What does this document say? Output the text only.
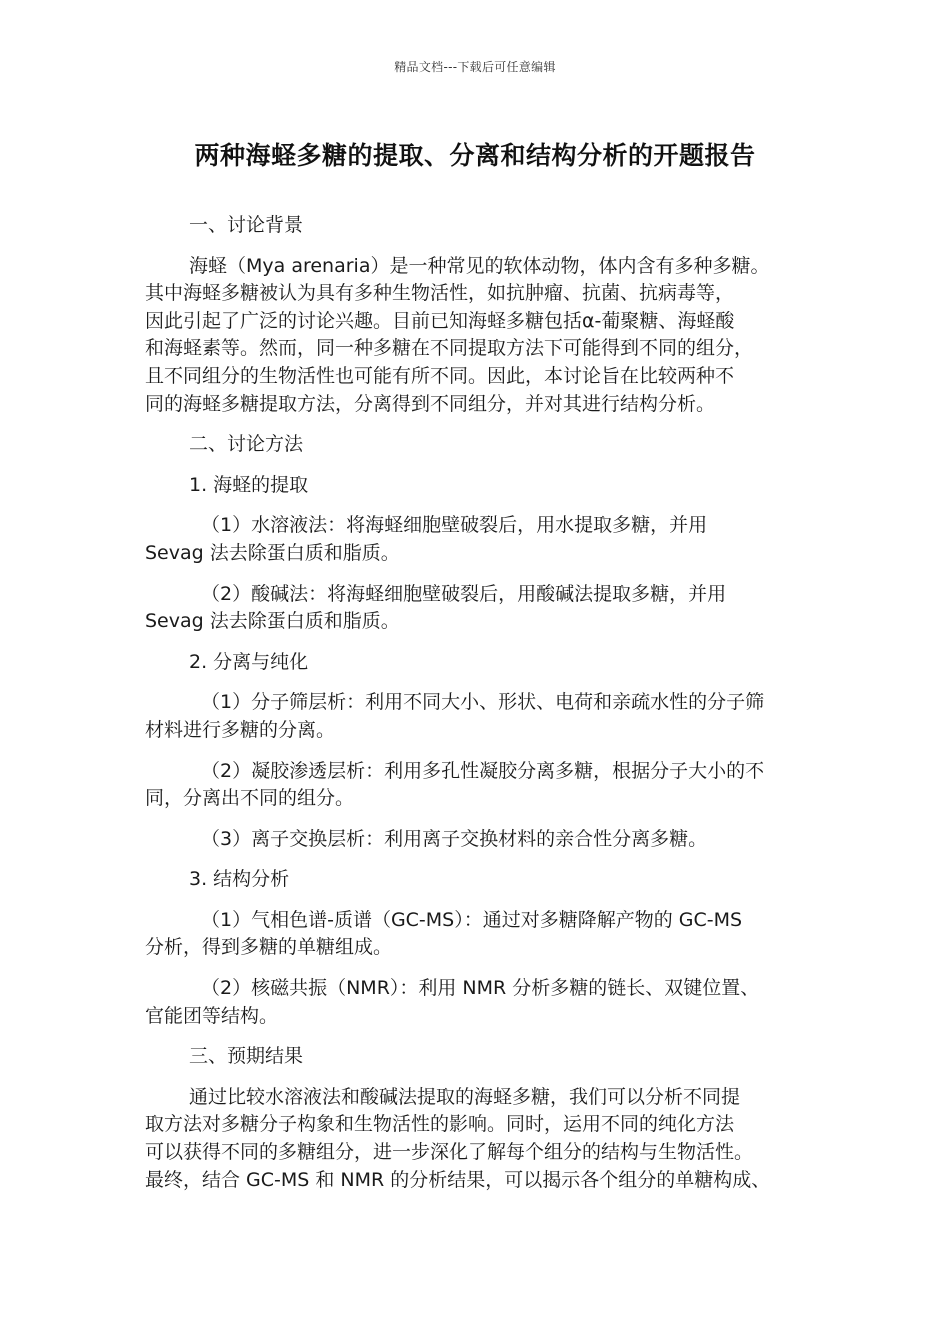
精品文档---下载后可任意编辑
两种海蛏多糖的提取、分离和结构分析的开题报告
一、讨论背景
海蛏（Mya arenaria）是一种常见的软体动物，体内含有多种多糖。
其中海蛏多糖被认为具有多种生物活性，如抗肿瘤、抗菌、抗病毒等，
因此引起了广泛的讨论兴趣。目前已知海蛏多糖包括α-葡聚糖、海蛏酸
和海蛏素等。然而，同一种多糖在不同提取方法下可能得到不同的组分，
且不同组分的生物活性也可能有所不同。因此，本讨论旨在比较两种不
同的海蛏多糖提取方法，分离得到不同组分，并对其进行结构分析。
二、讨论方法
1. 海蛏的提取
（1）水溶液法：将海蛏细胞壁破裂后，用水提取多糖，并用
Sevag 法去除蛋白质和脂质。
（2）酸碱法：将海蛏细胞壁破裂后，用酸碱法提取多糖，并用
Sevag 法去除蛋白质和脂质。
2. 分离与纯化
（1）分子筛层析：利用不同大小、形状、电荷和亲疏水性的分子筛
材料进行多糖的分离。
（2）凝胶渗透层析：利用多孔性凝胶分离多糖，根据分子大小的不
同，分离出不同的组分。
（3）离子交换层析：利用离子交换材料的亲合性分离多糖。
3. 结构分析
（1）气相色谱-质谱（GC-MS）：通过对多糖降解产物的 GC-MS
分析，得到多糖的单糖组成。
（2）核磁共振（NMR）：利用 NMR 分析多糖的链长、双键位置、
官能团等结构。
三、预期结果
通过比较水溶液法和酸碱法提取的海蛏多糖，我们可以分析不同提
取方法对多糖分子构象和生物活性的影响。同时，运用不同的纯化方法
可以获得不同的多糖组分，进一步深化了解每个组分的结构与生物活性。
最终，结合 GC-MS 和 NMR 的分析结果，可以揭示各个组分的单糖构成、
